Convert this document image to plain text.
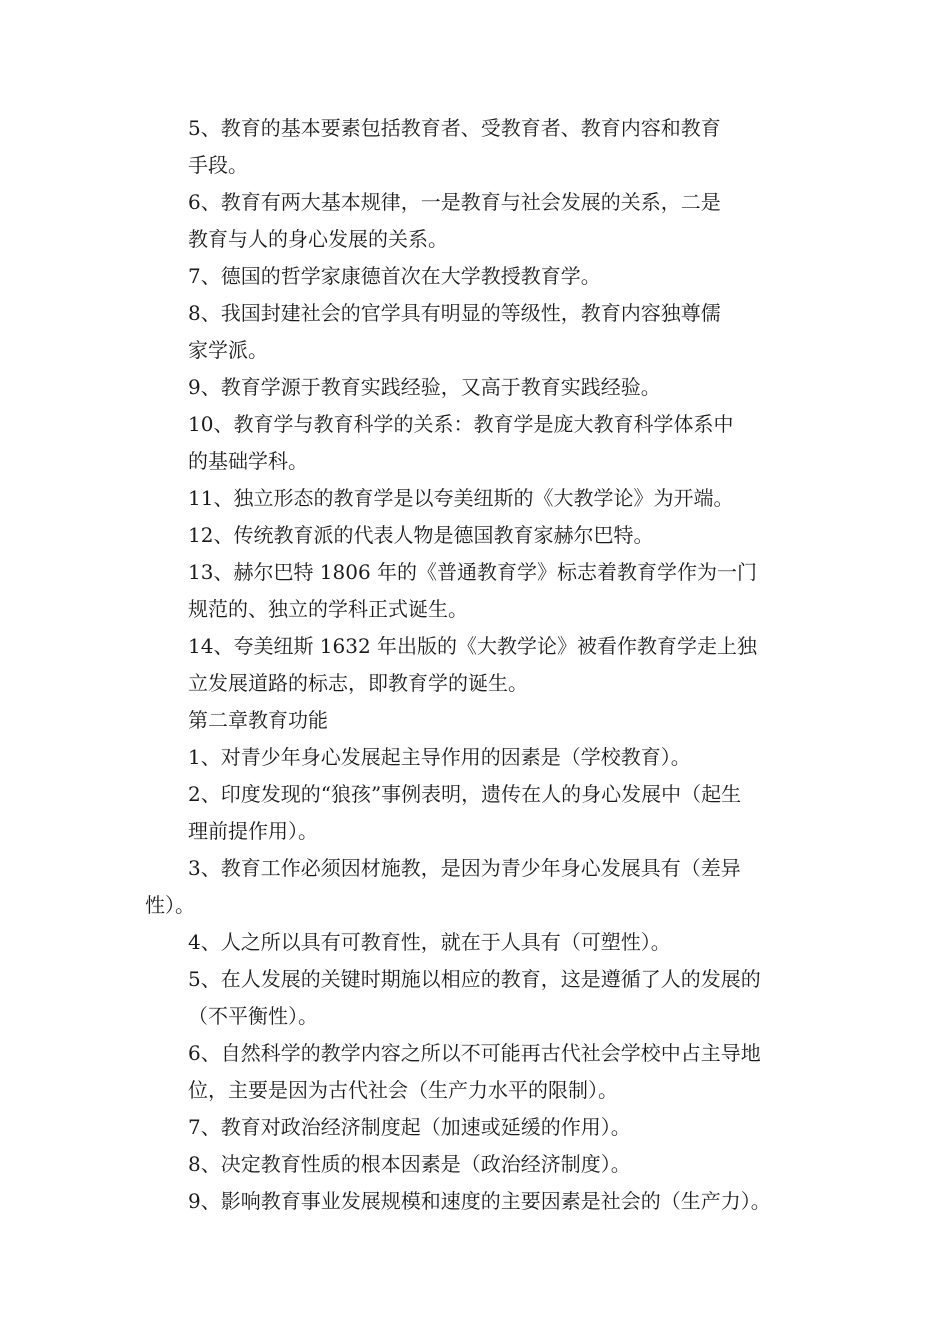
5、教育的基本要素包括教育者、受教育者、教育内容和教育
手段。
6、教育有两大基本规律，一是教育与社会发展的关系，二是
教育与人的身心发展的关系。
7、德国的哲学家康德首次在大学教授教育学。
8、我国封建社会的官学具有明显的等级性，教育内容独尊儒
家学派。
9、教育学源于教育实践经验，又高于教育实践经验。
10、教育学与教育科学的关系：教育学是庞大教育科学体系中
的基础学科。
11、独立形态的教育学是以夸美纽斯的《大教学论》为开端。
12、传统教育派的代表人物是德国教育家赫尔巴特。
13、赫尔巴特 1806 年的《普通教育学》标志着教育学作为一门
规范的、独立的学科正式诞生。
14、夸美纽斯 1632 年出版的《大教学论》被看作教育学走上独
立发展道路的标志，即教育学的诞生。
第二章教育功能
1、对青少年身心发展起主导作用的因素是（学校教育）。
2、印度发现的“狼孩”事例表明，遗传在人的身心发展中（起生
理前提作用）。
3、教育工作必须因材施教，是因为青少年身心发展具有（差异
性）。
4、人之所以具有可教育性，就在于人具有（可塑性）。
5、在人发展的关键时期施以相应的教育，这是遵循了人的发展的
（不平衡性）。
6、自然科学的教学内容之所以不可能再古代社会学校中占主导地
位，主要是因为古代社会（生产力水平的限制）。
7、教育对政治经济制度起（加速或延缓的作用）。
8、决定教育性质的根本因素是（政治经济制度）。
9、影响教育事业发展规模和速度的主要因素是社会的（生产力）。
